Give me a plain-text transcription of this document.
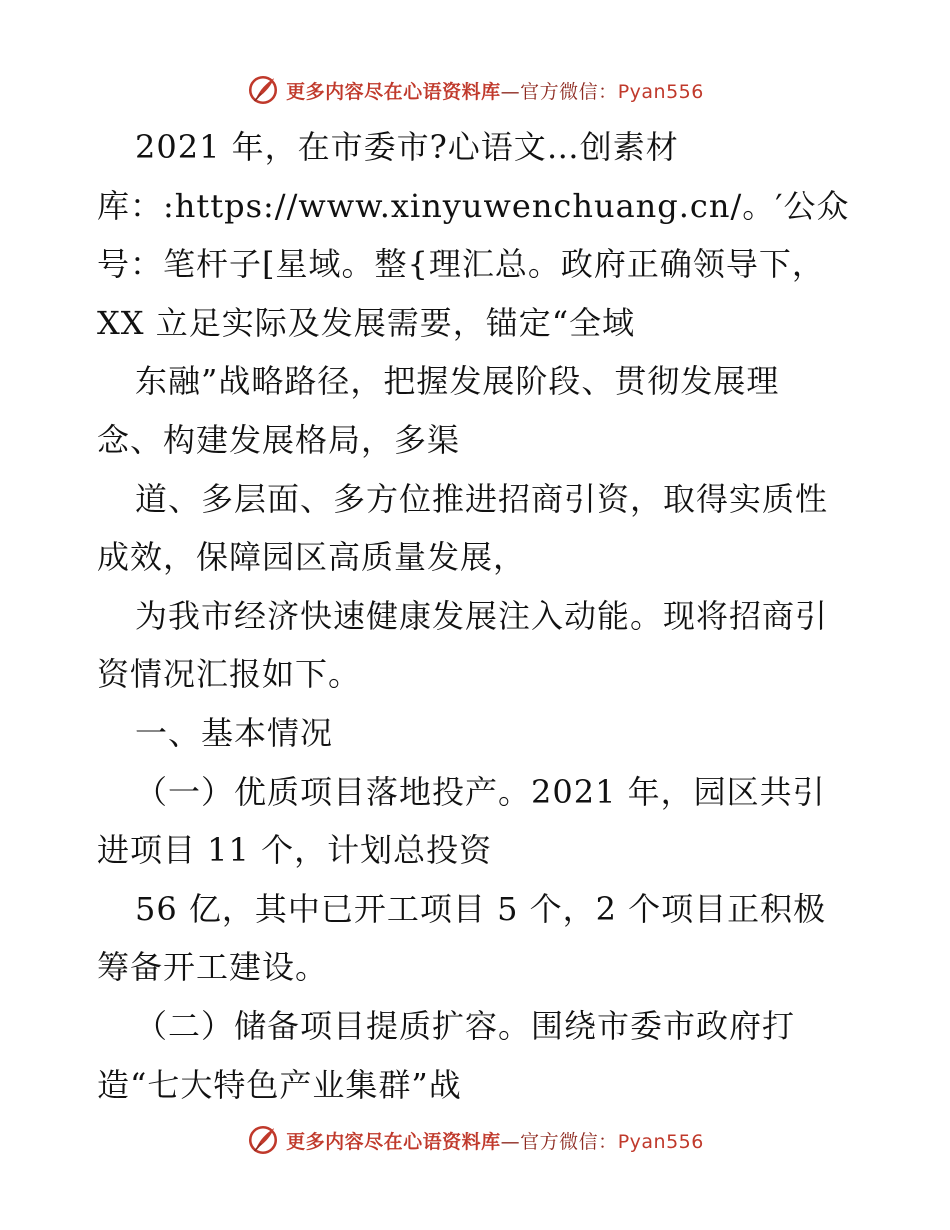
更多内容尽在心语资料库—官方微信：Pyan556
2021 年，在市委市?心语文…创素材
库：:https://www.xinyuwenchuang.cn/。′公众
号：笔杆子[星域。整{理汇总。政府正确领导下，
XX 立足实际及发展需要，锚定“全域
东融”战略路径，把握发展阶段、贯彻发展理
念、构建发展格局，多渠
道、多层面、多方位推进招商引资，取得实质性
成效，保障园区高质量发展，
为我市经济快速健康发展注入动能。现将招商引
资情况汇报如下。
一、基本情况
（一）优质项目落地投产。2021 年，园区共引
进项目 11 个，计划总投资
56 亿，其中已开工项目 5 个，2 个项目正积极
筹备开工建设。
（二）储备项目提质扩容。围绕市委市政府打
造“七大特色产业集群”战
更多内容尽在心语资料库—官方微信：Pyan556
